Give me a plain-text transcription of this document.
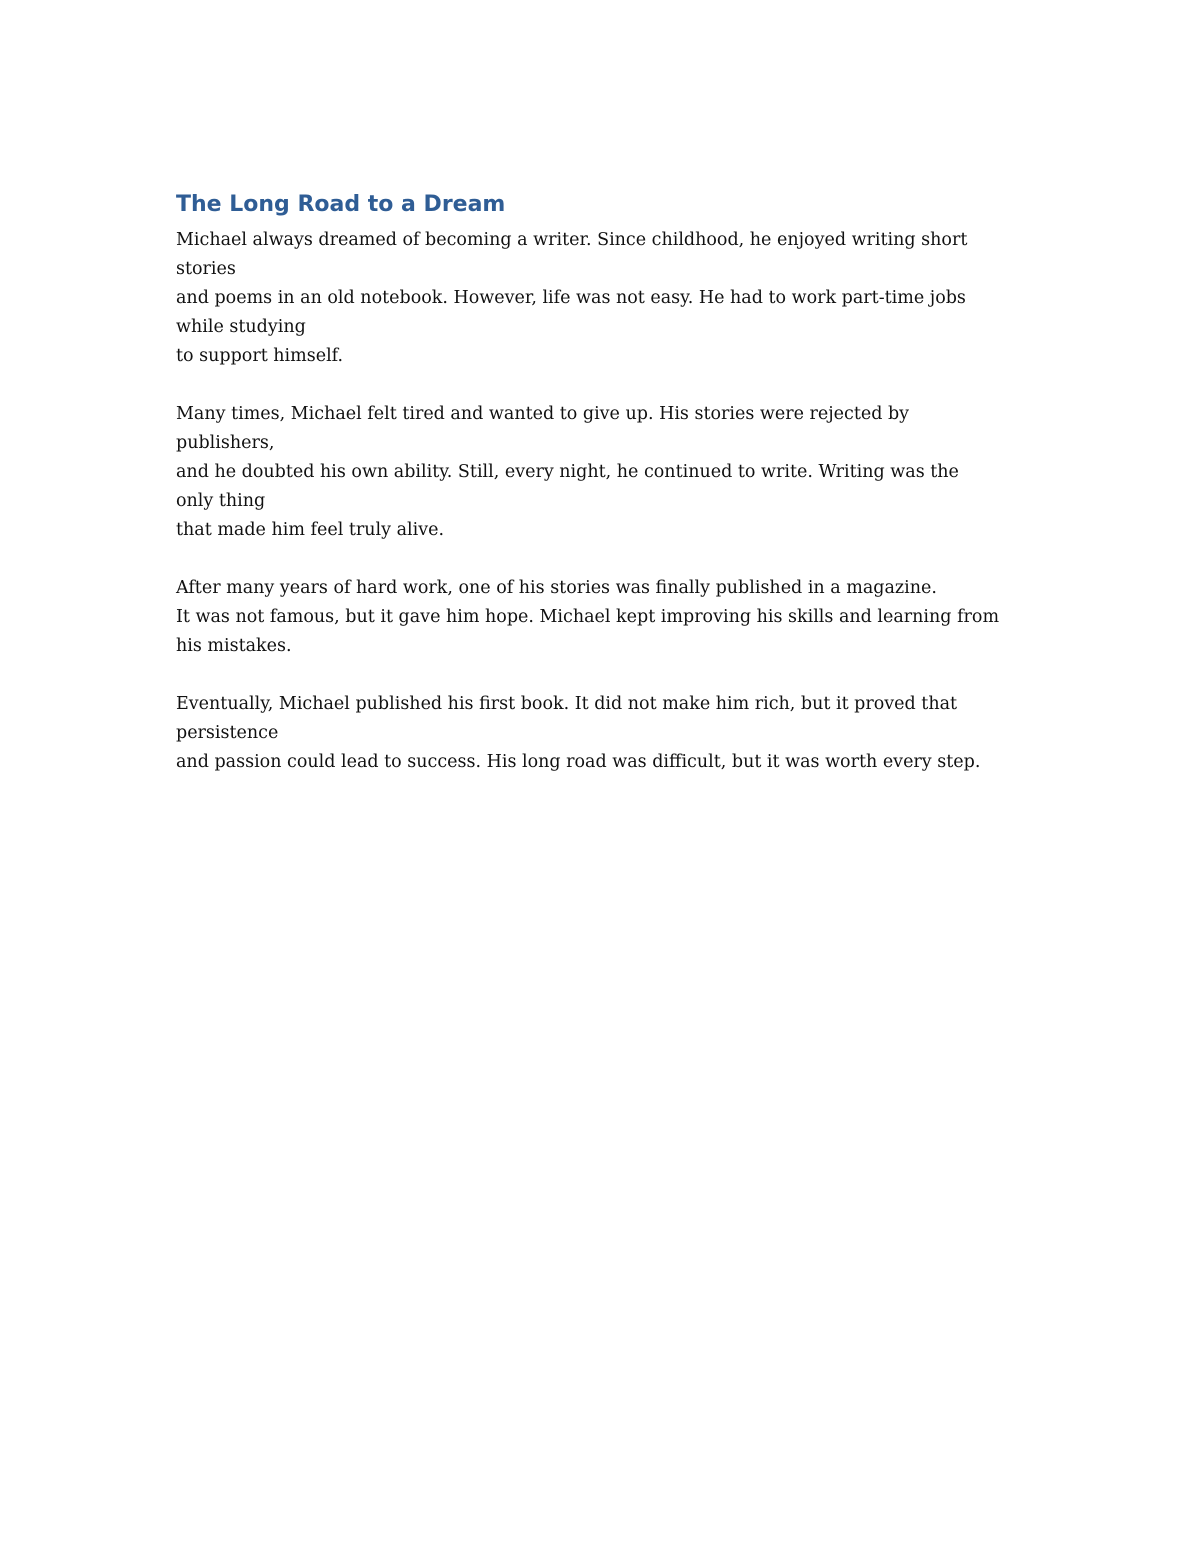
The Long Road to a Dream

Michael always dreamed of becoming a writer. Since childhood, he enjoyed writing short
stories
and poems in an old notebook. However, life was not easy. He had to work part-time jobs
while studying
to support himself.

Many times, Michael felt tired and wanted to give up. His stories were rejected by
publishers,
and he doubted his own ability. Still, every night, he continued to write. Writing was the
only thing
that made him feel truly alive.

After many years of hard work, one of his stories was finally published in a magazine.
It was not famous, but it gave him hope. Michael kept improving his skills and learning from
his mistakes.

Eventually, Michael published his first book. It did not make him rich, but it proved that
persistence
and passion could lead to success. His long road was difficult, but it was worth every step.
